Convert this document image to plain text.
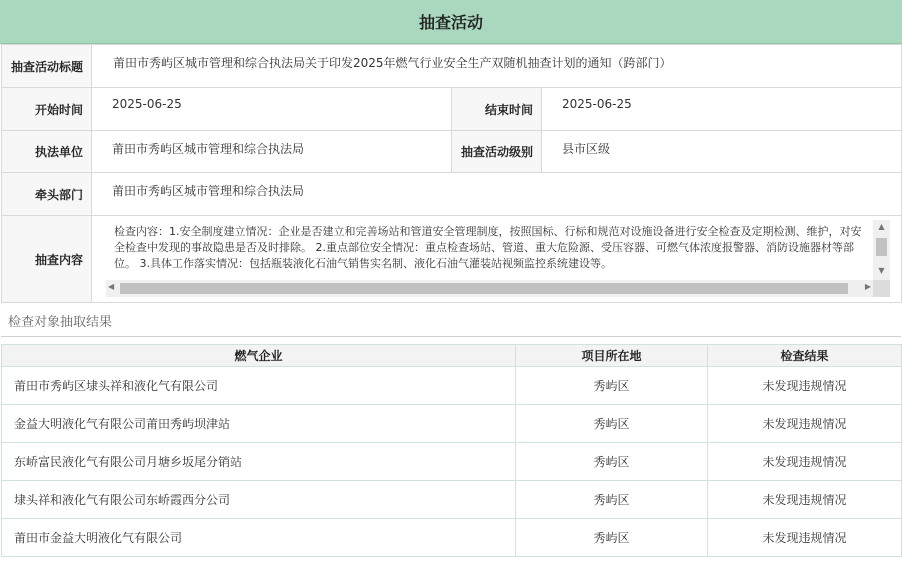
抽查活动
抽查活动标题	莆田市秀屿区城市管理和综合执法局关于印发2025年燃气行业安全生产双随机抽查计划的通知（跨部门）		
开始时间	2025-06-25	结束时间	2025-06-25
执法单位	莆田市秀屿区城市管理和综合执法局	抽查活动级别	县市区级
牵头部门	莆田市秀屿区城市管理和综合执法局		
抽查内容	检查内容：1.安全制度建立情况：企业是否建立和完善场站和管道安全管理制度，按照国标、行标和规范对设施设备进行安全检查及定期检测、维护，对安全检查中发现的事故隐患是否及时排除。 2.重点部位安全情况：重点检查场站、管道、重大危险源、受压容器、可燃气体浓度报警器、消防设施器材等部位。 3.具体工作落实情况：包括瓶装液化石油气销售实名制、液化石油气灌装站视频监控系统建设等。
▲
▼
◀ ▶		
检查对象抽取结果
燃气企业	项目所在地	检查结果
莆田市秀屿区埭头祥和液化气有限公司	秀屿区	未发现违规情况
金益大明液化气有限公司莆田秀屿坝津站	秀屿区	未发现违规情况
东峤富民液化气有限公司月塘乡坂尾分销站	秀屿区	未发现违规情况
埭头祥和液化气有限公司东峤霞西分公司	秀屿区	未发现违规情况
莆田市金益大明液化气有限公司	秀屿区	未发现违规情况
